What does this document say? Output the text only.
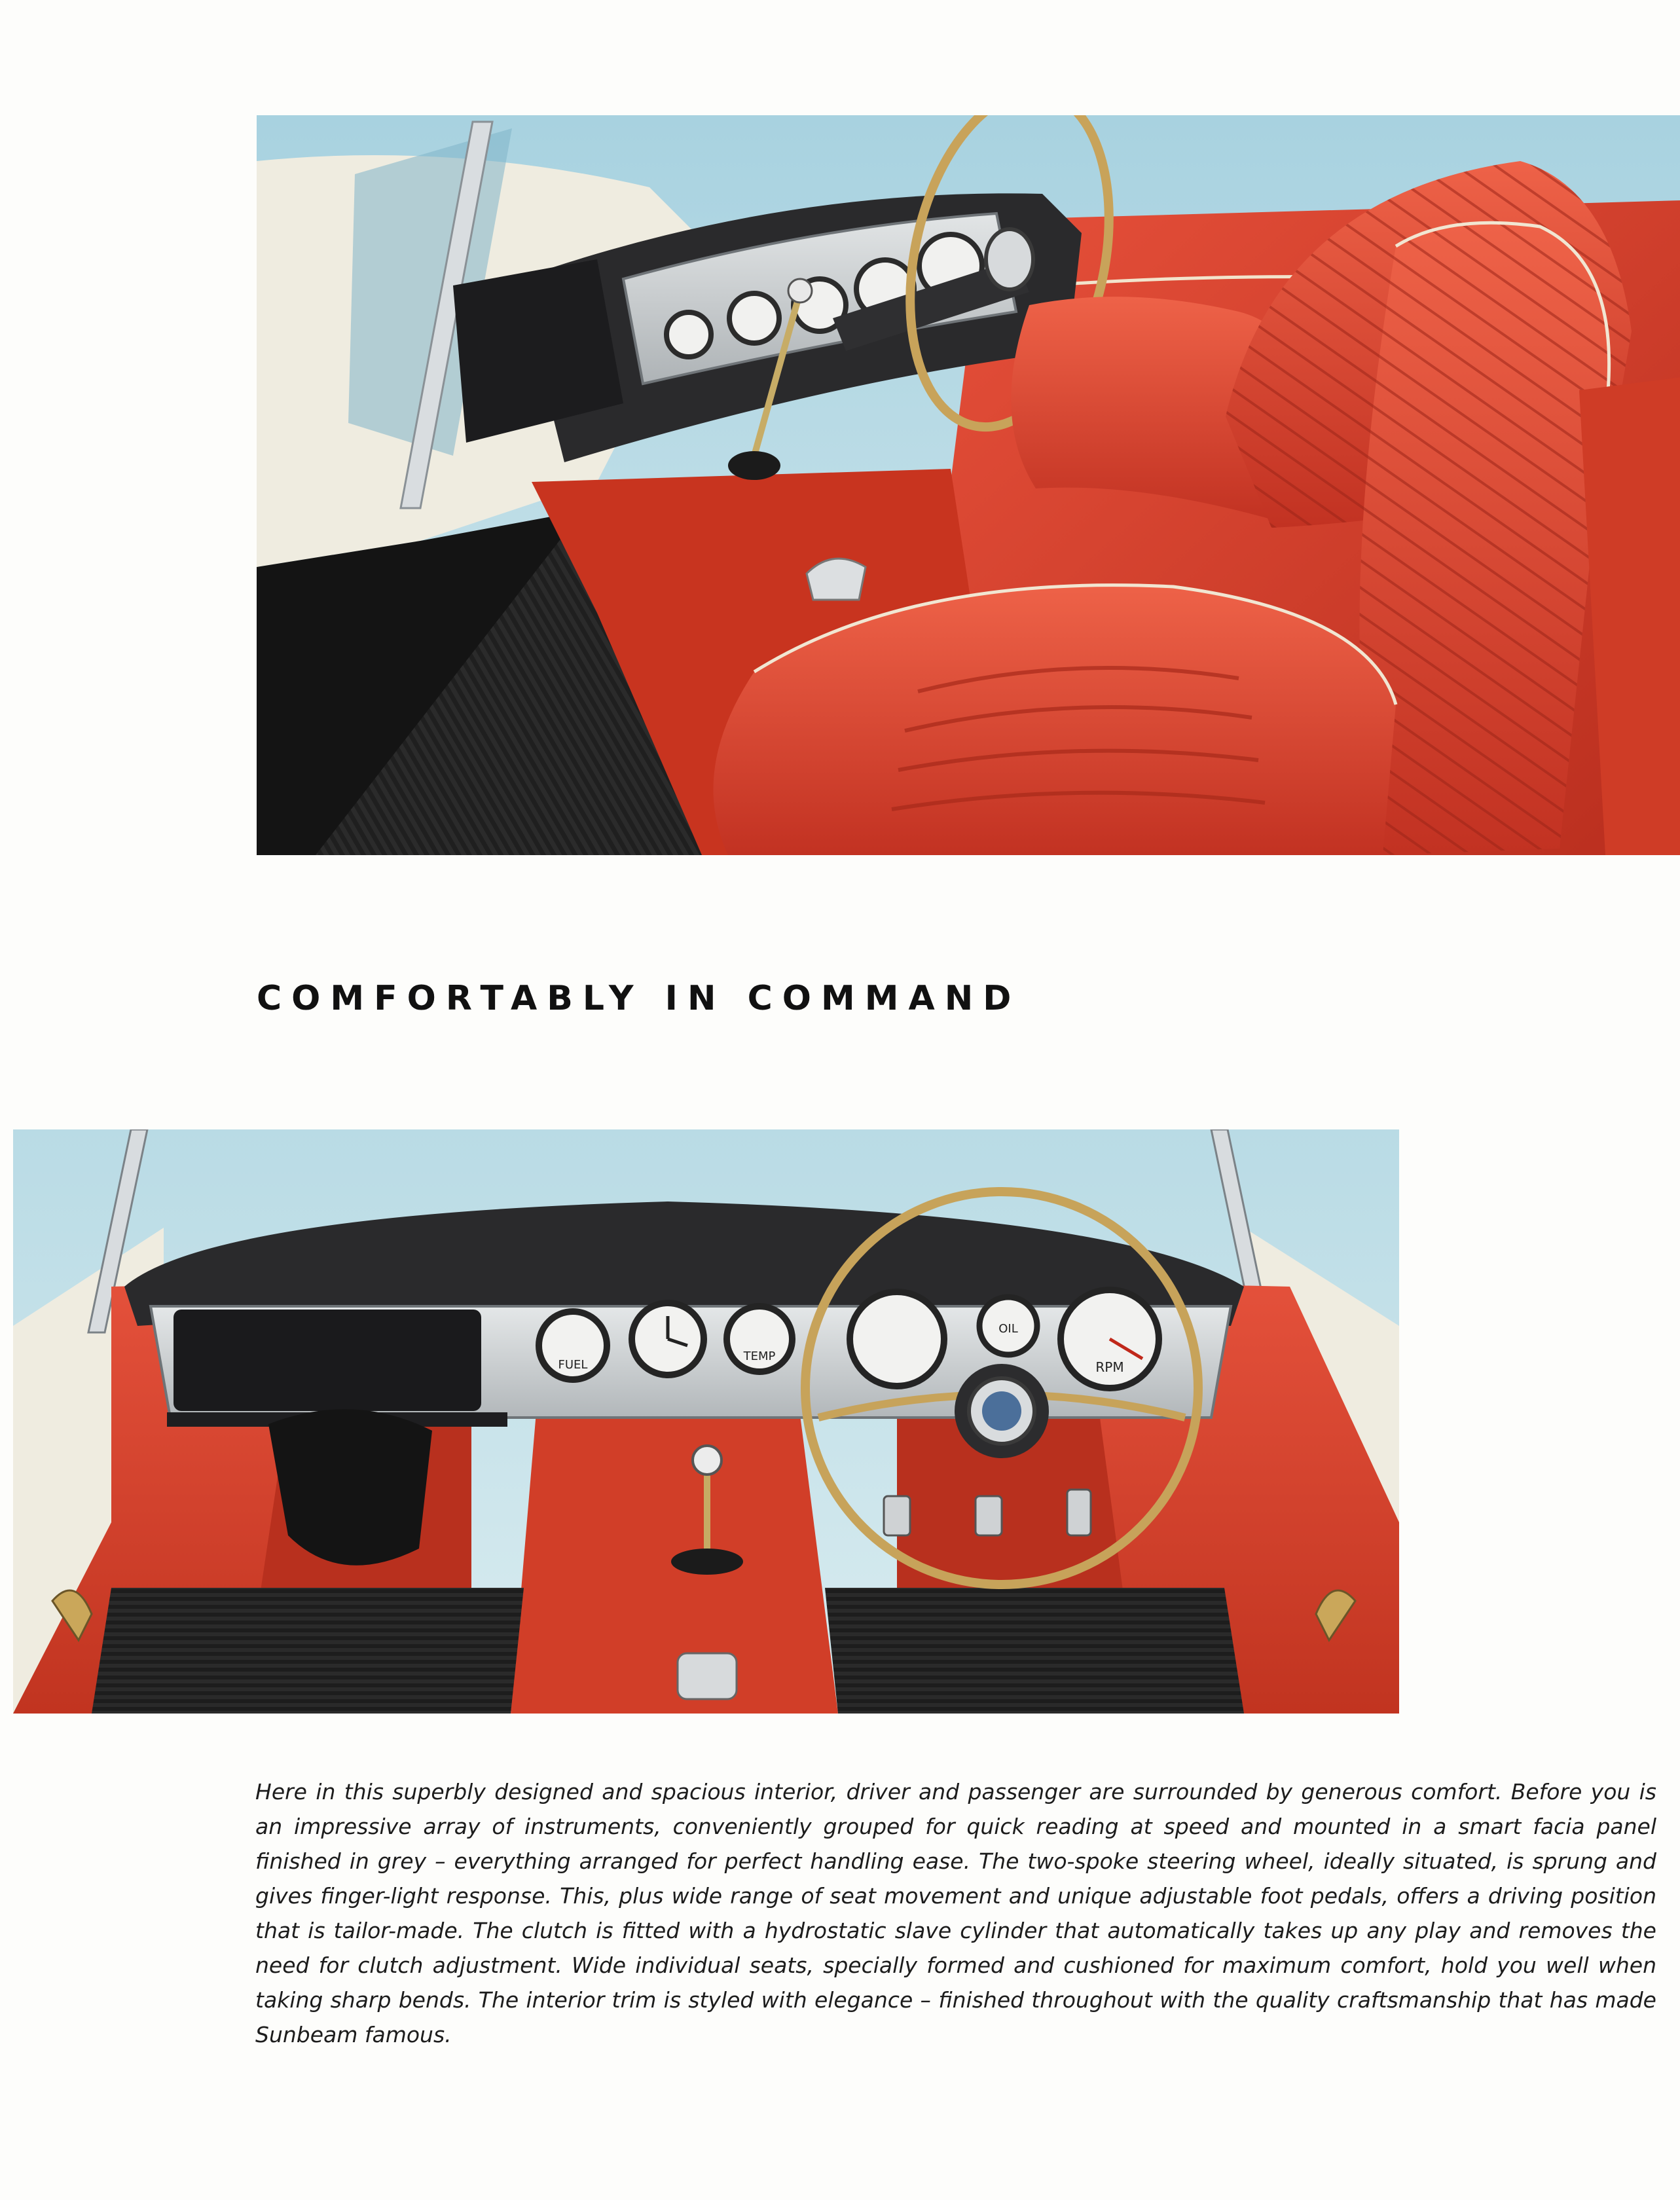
COMFORTABLY IN COMMAND
FUEL
TEMP
OIL
RPM

Here in this superbly designed and spacious interior, driver and passenger are surrounded by generous comfort. Before you is an impressive array of instruments, conveniently grouped for quick reading at speed and mounted in a smart facia panel finished in grey – everything arranged for perfect handling ease. The two-spoke steering wheel, ideally situated, is sprung and gives finger-light response. This, plus wide range of seat movement and unique adjustable foot pedals, offers a driving position that is tailor-made. The clutch is fitted with a hydrostatic slave cylinder that automatically takes up any play and removes the need for clutch adjustment. Wide individual seats, specially formed and cushioned for maximum comfort, hold you well when taking sharp bends. The interior trim is styled with elegance – finished throughout with the quality craftsmanship that has made Sunbeam famous.
